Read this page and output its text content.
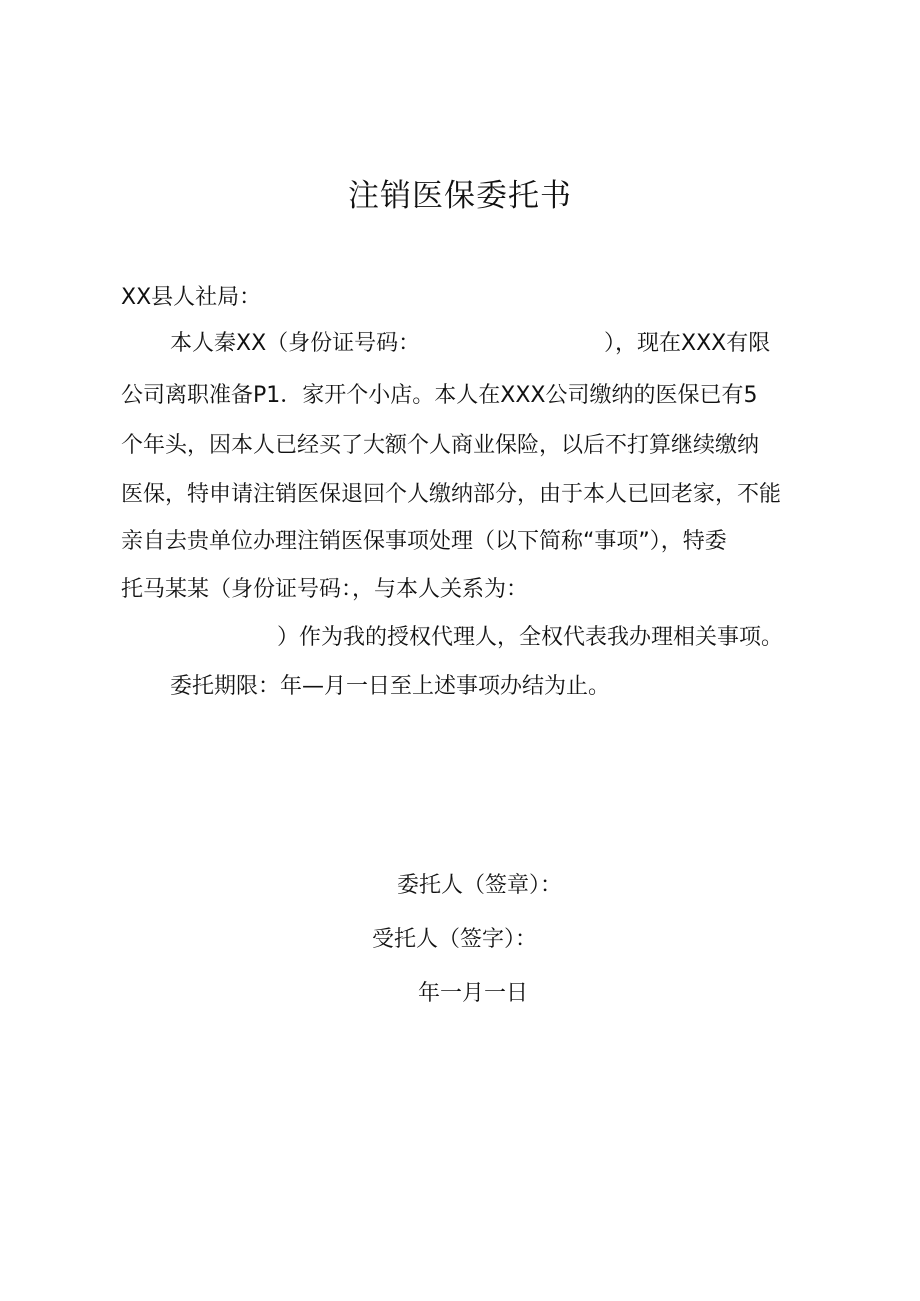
注销医保委托书

XX县人社局：

本人秦XX（身份证号码：	），现在XXX有限

公司离职准备P1．家开个小店。本人在XXX公司缴纳的医保已有5

个年头，因本人已经买了大额个人商业保险，以后不打算继续缴纳

医保，特申请注销医保退回个人缴纳部分，由于本人已回老家，不能

亲自去贵单位办理注销医保事项处理（以下简称“事项”），特委

托马某某（身份证号码：，与本人关系为：

）作为我的授权代理人，全权代表我办理相关事项。

委托期限：年—月一日至上述事项办结为止。

委托人（签章）：

受托人（签字）：

年一月一日
